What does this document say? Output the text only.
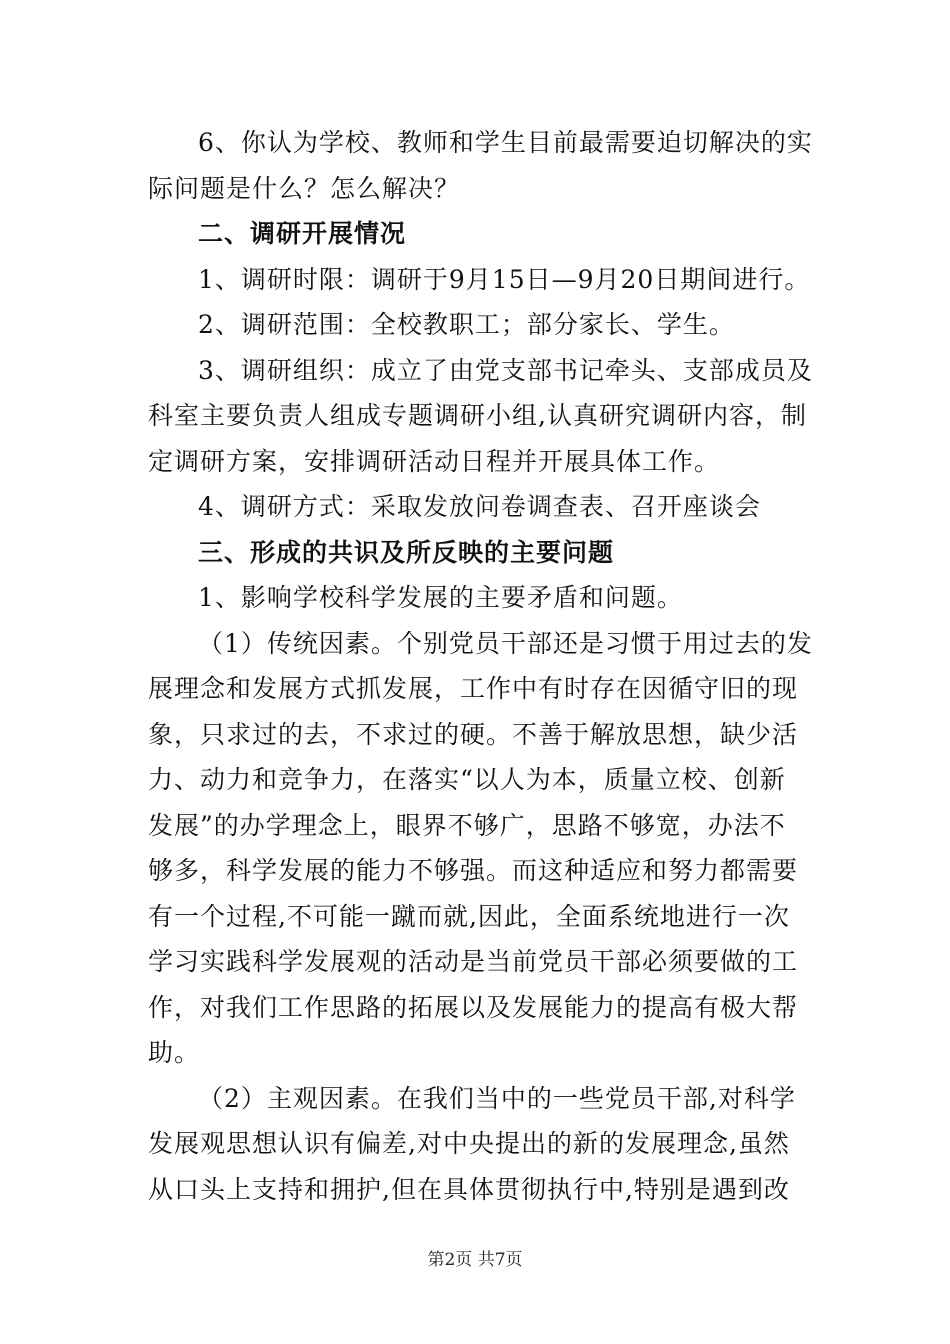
6、你认为学校、教师和学生目前最需要迫切解决的实
际问题是什么？怎么解决？
二、调研开展情况
1、调研时限：调研于9月15日—9月20日期间进行。
2、调研范围：全校教职工；部分家长、学生。
3、调研组织：成立了由党支部书记牵头、支部成员及
科室主要负责人组成专题调研小组,认真研究调研内容，制
定调研方案，安排调研活动日程并开展具体工作。
4、调研方式：采取发放问卷调查表、召开座谈会
三、形成的共识及所反映的主要问题
1、影响学校科学发展的主要矛盾和问题。
（1）传统因素。个别党员干部还是习惯于用过去的发
展理念和发展方式抓发展，工作中有时存在因循守旧的现
象，只求过的去，不求过的硬。不善于解放思想，缺少活
力、动力和竞争力，在落实“以人为本，质量立校、创新
发展”的办学理念上，眼界不够广，思路不够宽，办法不
够多，科学发展的能力不够强。而这种适应和努力都需要
有一个过程,不可能一蹴而就,因此，全面系统地进行一次
学习实践科学发展观的活动是当前党员干部必须要做的工
作，对我们工作思路的拓展以及发展能力的提高有极大帮
助。
（2）主观因素。在我们当中的一些党员干部,对科学
发展观思想认识有偏差,对中央提出的新的发展理念,虽然
从口头上支持和拥护,但在具体贯彻执行中,特别是遇到改
第2页 共7页
